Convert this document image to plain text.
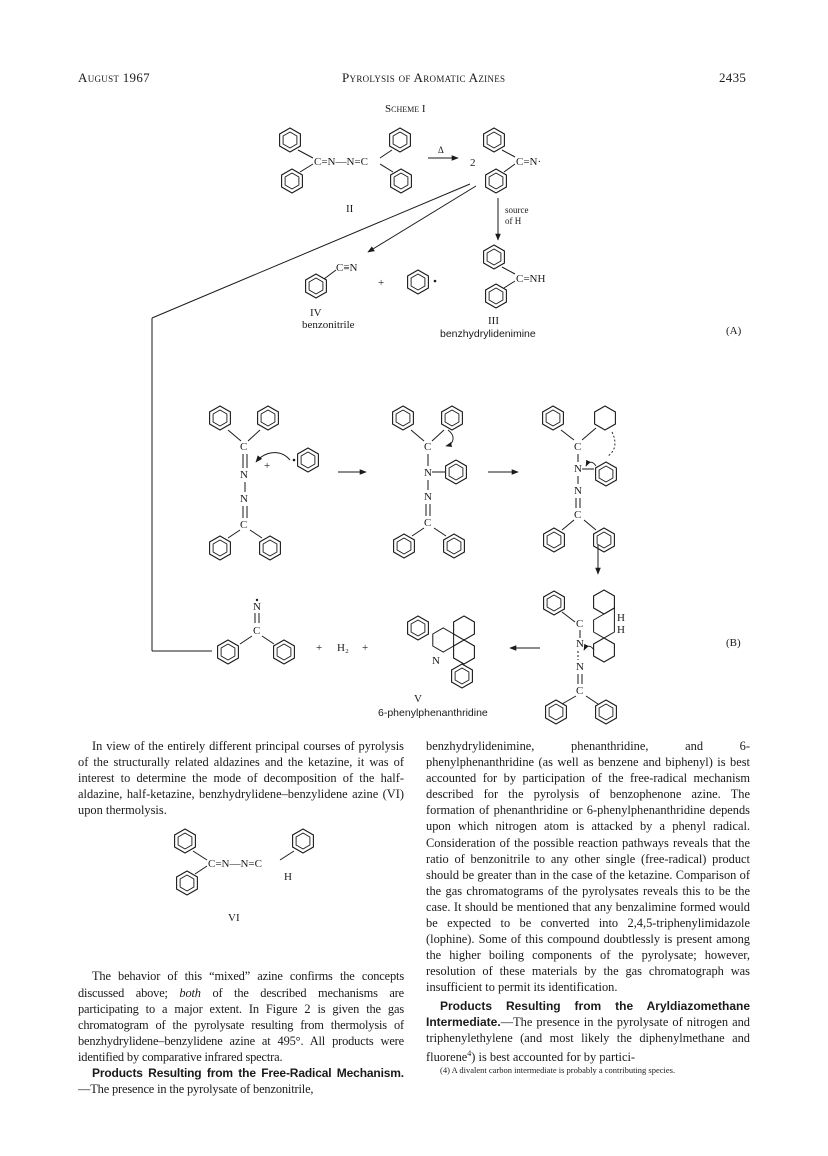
August 1967	Pyrolysis of Aromatic Azines	2435
Scheme I
C=N—N=C
II
Δ
2	C=N·
source
of H
C=NH
III
benzhydrylidenimine	(A)
C≡N
IV
benzonitrile
+
C
N
N
C
+
C
N
N
C
C
N
N
C
C
N
H
H
N
C
(B)
N
V
6-phenylphenanthridine
+ H₂ +
N
C

In view of the entirely different principal courses of pyrolysis of the structurally related aldazines and the ketazine, it was of interest to determine the mode of decomposition of the half-aldazine, half-ketazine, benzhydrylidene–benzylidene azine (VI) upon thermolysis.

C=N—N=C
H
VI

The behavior of this “mixed” azine confirms the concepts discussed above; both of the described mechanisms are participating to a major extent. In Figure 2 is given the gas chromatogram of the pyrolysate resulting from thermolysis of benzhydrylidene–benzylidene azine at 495°. All products were identified by comparative infrared spectra.

Products Resulting from the Free-Radical Mechanism.—The presence in the pyrolysate of benzonitrile,

benzhydrylidenimine, phenanthridine, and 6-phenylphenanthridine (as well as benzene and biphenyl) is best accounted for by participation of the free-radical mechanism described for the pyrolysis of benzophenone azine. The formation of phenanthridine or 6-phenylphenanthridine depends upon which nitrogen atom is attacked by a phenyl radical. Consideration of the possible reaction pathways reveals that the ratio of benzonitrile to any other single (free-radical) product should be greater than in the case of the ketazine. Comparison of the gas chromatograms of the pyrolysates reveals this to be the case. It should be mentioned that any benzalimine formed would be expected to be converted into 2,4,5-triphenylimidazole (lophine). Some of this compound doubtlessly is present among the higher boiling components of the pyrolysate; however, resolution of these materials by the gas chromatograph was insufficient to permit its identification.

Products Resulting from the Aryldiazomethane Intermediate.—The presence in the pyrolysate of nitrogen and triphenylethylene (and most likely the diphenylmethane and fluorene$^4$) is best accounted for by partici-

(4) A divalent carbon intermediate is probably a contributing species.
